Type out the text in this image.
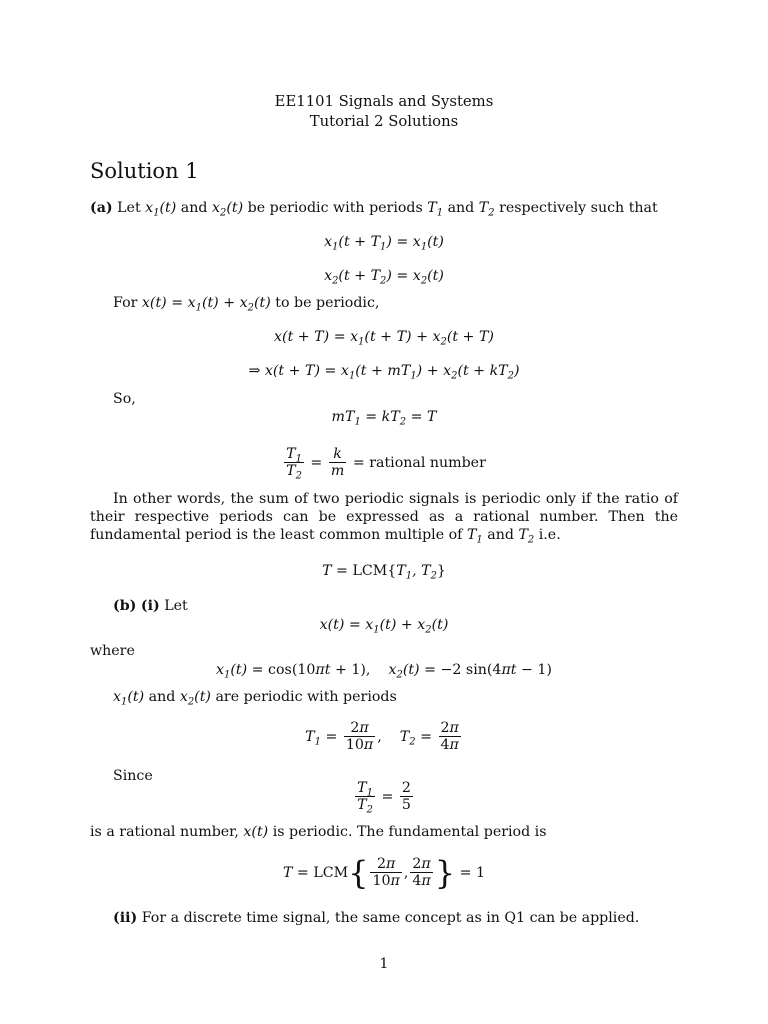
EE1101 Signals and Systems
Tutorial 2 Solutions
Solution 1
(a) Let $x_1(t)$ and $x_2(t)$ be periodic with periods $T_1$ and $T_2$ respectively such that
$x_1(t + T_1) = x_1(t)$
$x_2(t + T_2) = x_2(t)$
For $x(t) = x_1(t) + x_2(t)$ to be periodic,
$x(t + T) = x_1(t + T) + x_2(t + T)$
⇒ $x(t + T) = x_1(t + mT_1) + x_2(t + kT_2)$
So,
$mT_1 = kT_2 = T$
$\frac{T_1}{T_2} = \frac{k}{m}$ = rational number
In other words, the sum of two periodic signals is periodic only if the ratio of their respective periods can be expressed as a rational number. Then the fundamental period is the least common multiple of $T_1$ and $T_2$ i.e.
$T = LCM\{T_1$, $T_2$}
(b) (i) Let
$x(t) = x_1(t) + x_2(t)$
where
$x_1(t) = \cos(10\pi t + 1)$,    $x_2(t) = -2$ sin(4πt − 1)
$x_1(t)$ and $x_2(t)$ are periodic with periods
$T_1 = \frac{2\pi}{10\pi}$ ,    $T_2 = \frac{2\pi}{4\pi}$
Since
$\frac{T_1}{T_2} = \frac{2}{5}$
is a rational number, x(t) is periodic. The fundamental period is
$T = LCM\{ \frac{2\pi}{10\pi}$ , $\frac{2\pi}{4\pi}$ } = 1
(ii) For a discrete time signal, the same concept as in Q1 can be applied.
1
